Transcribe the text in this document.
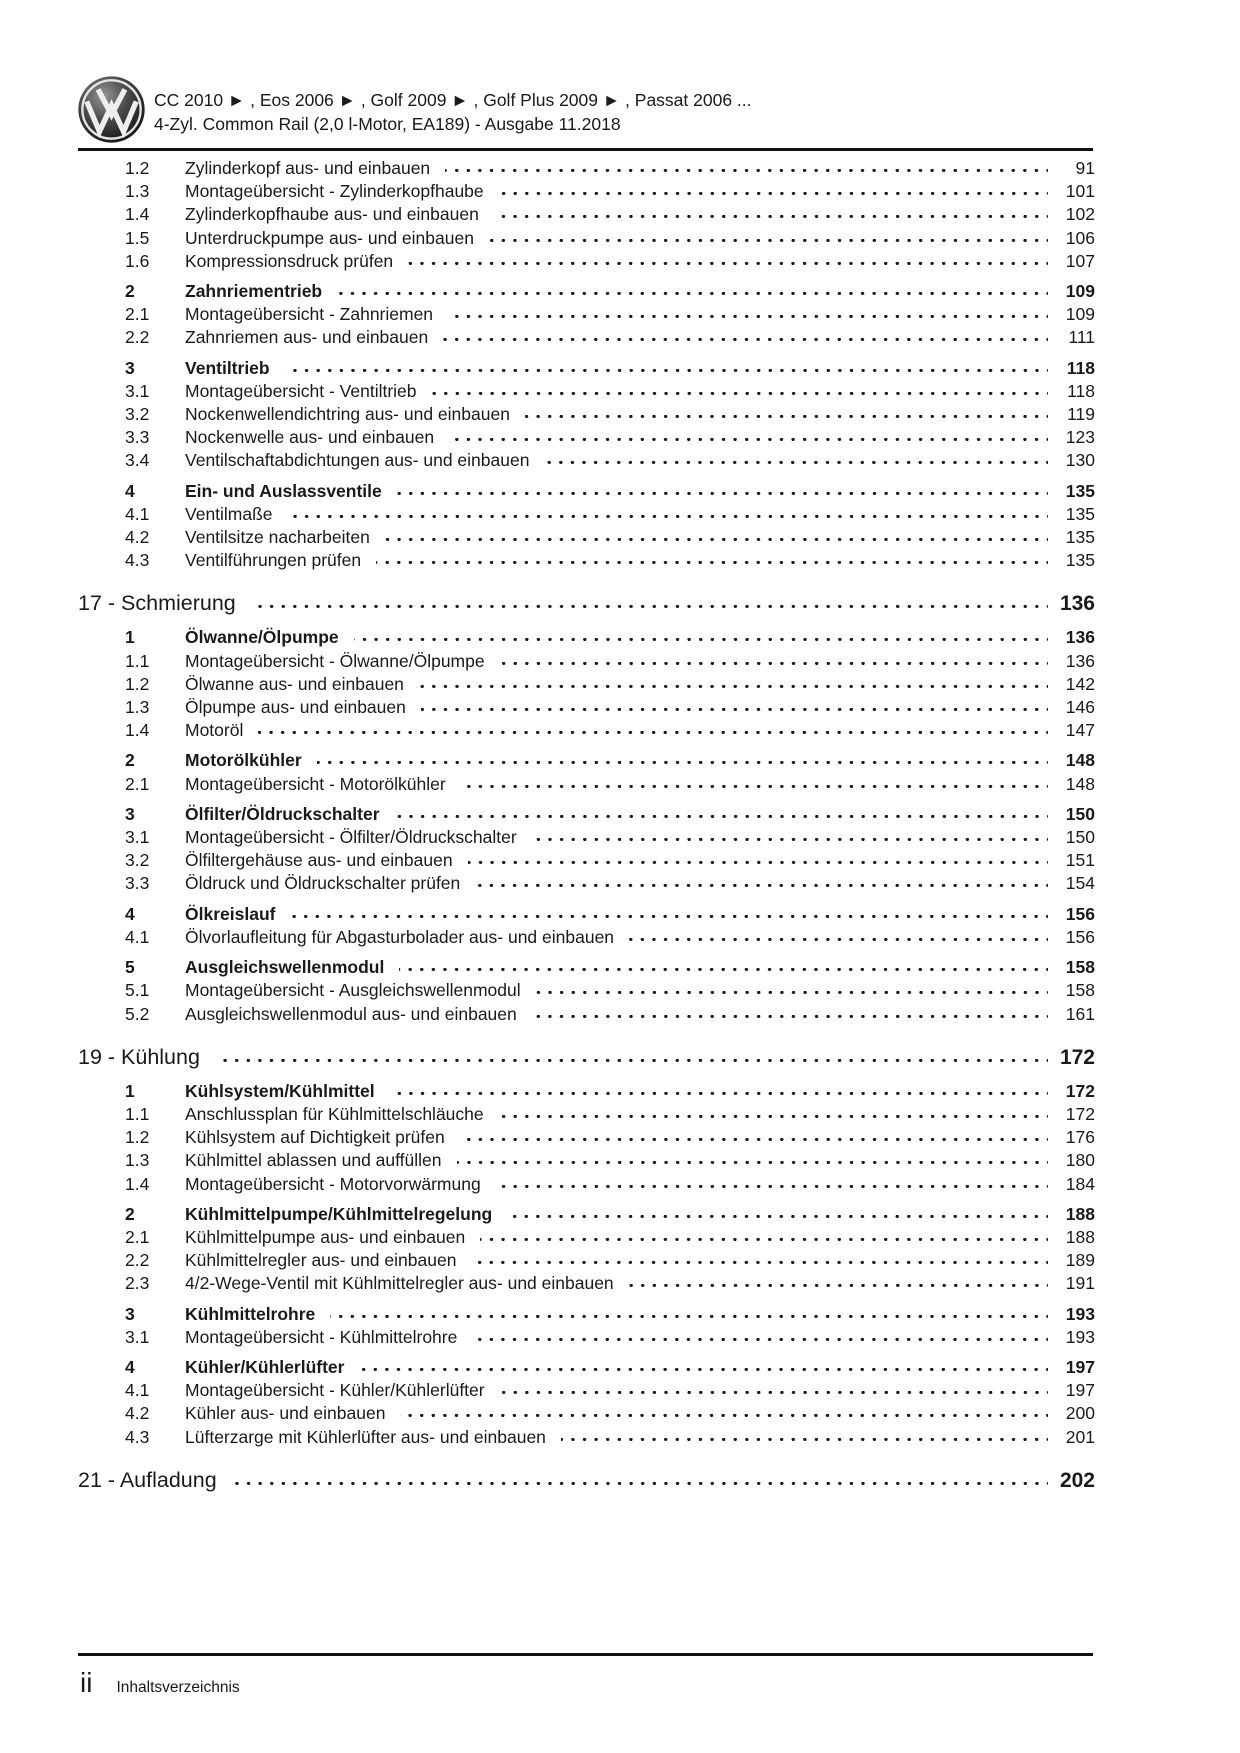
CC 2010 ► , Eos 2006 ► , Golf 2009 ► , Golf Plus 2009 ► , Passat 2006 ...
4-Zyl. Common Rail (2,0 l-Motor, EA189) - Ausgabe 11.2018
1.2	Zylinderkopf aus- und einbauen	91
1.3	Montageübersicht - Zylinderkopfhaube	101
1.4	Zylinderkopfhaube aus- und einbauen	102
1.5	Unterdruckpumpe aus- und einbauen	106
1.6	Kompressionsdruck prüfen	107
2	Zahnriementrieb	109
2.1	Montageübersicht - Zahnriemen	109
2.2	Zahnriemen aus- und einbauen	111
3	Ventiltrieb	118
3.1	Montageübersicht - Ventiltrieb	118
3.2	Nockenwellendichtring aus- und einbauen	119
3.3	Nockenwelle aus- und einbauen	123
3.4	Ventilschaftabdichtungen aus- und einbauen	130
4	Ein- und Auslassventile	135
4.1	Ventilmaße	135
4.2	Ventilsitze nacharbeiten	135
4.3	Ventilführungen prüfen	135
17 - Schmierung	136
1	Ölwanne/Ölpumpe	136
1.1	Montageübersicht - Ölwanne/Ölpumpe	136
1.2	Ölwanne aus- und einbauen	142
1.3	Ölpumpe aus- und einbauen	146
1.4	Motoröl	147
2	Motorölkühler	148
2.1	Montageübersicht - Motorölkühler	148
3	Ölfilter/Öldruckschalter	150
3.1	Montageübersicht - Ölfilter/Öldruckschalter	150
3.2	Ölfiltergehäuse aus- und einbauen	151
3.3	Öldruck und Öldruckschalter prüfen	154
4	Ölkreislauf	156
4.1	Ölvorlaufleitung für Abgasturbolader aus- und einbauen	156
5	Ausgleichswellenmodul	158
5.1	Montageübersicht - Ausgleichswellenmodul	158
5.2	Ausgleichswellenmodul aus- und einbauen	161
19 - Kühlung	172
1	Kühlsystem/Kühlmittel	172
1.1	Anschlussplan für Kühlmittelschläuche	172
1.2	Kühlsystem auf Dichtigkeit prüfen	176
1.3	Kühlmittel ablassen und auffüllen	180
1.4	Montageübersicht - Motorvorwärmung	184
2	Kühlmittelpumpe/Kühlmittelregelung	188
2.1	Kühlmittelpumpe aus- und einbauen	188
2.2	Kühlmittelregler aus- und einbauen	189
2.3	4/2-Wege-Ventil mit Kühlmittelregler aus- und einbauen	191
3	Kühlmittelrohre	193
3.1	Montageübersicht - Kühlmittelrohre	193
4	Kühler/Kühlerlüfter	197
4.1	Montageübersicht - Kühler/Kühlerlüfter	197
4.2	Kühler aus- und einbauen	200
4.3	Lüfterzarge mit Kühlerlüfter aus- und einbauen	201
21 - Aufladung	202
ii Inhaltsverzeichnis
